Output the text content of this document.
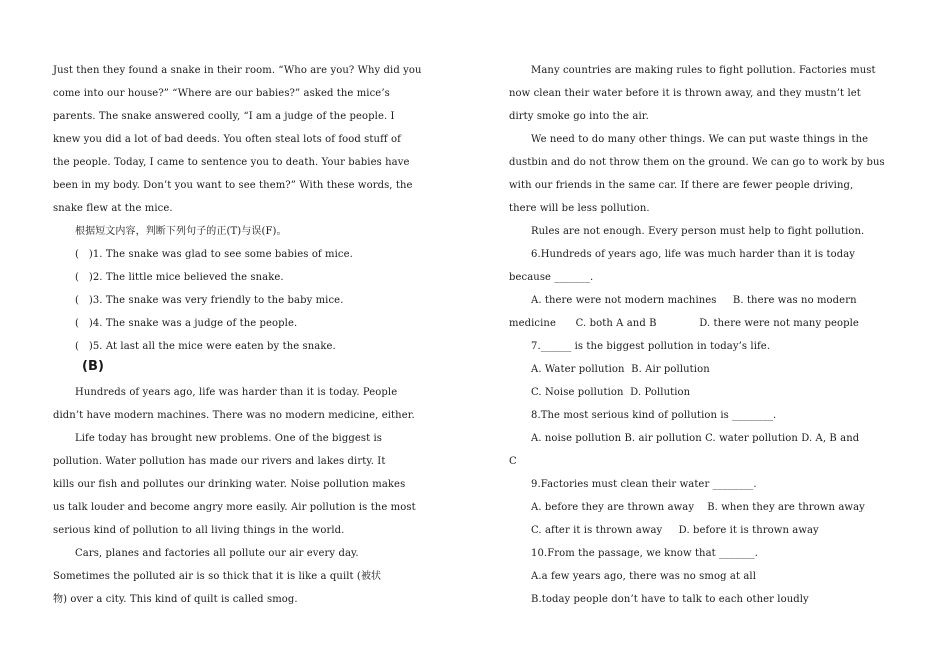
Just then they found a snake in their room. “Who are you? Why did you
come into our house?” “Where are our babies?” asked the mice’s
parents. The snake answered coolly, “I am a judge of the people. I
knew you did a lot of bad deeds. You often steal lots of food stuff of
the people. Today, I came to sentence you to death. Your babies have
been in my body. Don’t you want to see them?” With these words, the
snake flew at the mice.
根据短文内容，判断下列句子的正(T)与误(F)。
(   )1. The snake was glad to see some babies of mice.
(   )2. The little mice believed the snake.
(   )3. The snake was very friendly to the baby mice.
(   )4. The snake was a judge of the people.
(   )5. At last all the mice were eaten by the snake.
(B)
Hundreds of years ago, life was harder than it is today. People
didn’t have modern machines. There was no modern medicine, either.
Life today has brought new problems. One of the biggest is
pollution. Water pollution has made our rivers and lakes dirty. It
kills our fish and pollutes our drinking water. Noise pollution makes
us talk louder and become angry more easily. Air pollution is the most
serious kind of pollution to all living things in the world.
Cars, planes and factories all pollute our air every day.
Sometimes the polluted air is so thick that it is like a quilt (被状
物) over a city. This kind of quilt is called smog.
Many countries are making rules to fight pollution. Factories must
now clean their water before it is thrown away, and they mustn’t let
dirty smoke go into the air.
We need to do many other things. We can put waste things in the
dustbin and do not throw them on the ground. We can go to work by bus
with our friends in the same car. If there are fewer people driving,
there will be less pollution.
Rules are not enough. Every person must help to fight pollution.
6.Hundreds of years ago, life was much harder than it is today
because _______.
A. there were not modern machines     B. there was no modern
medicine      C. both A and B             D. there were not many people
7.______ is the biggest pollution in today’s life.
A. Water pollution  B. Air pollution
C. Noise pollution  D. Pollution
8.The most serious kind of pollution is ________.
A. noise pollution B. air pollution C. water pollution D. A, B and
C
9.Factories must clean their water ________.
A. before they are thrown away    B. when they are thrown away
C. after it is thrown away     D. before it is thrown away
10.From the passage, we know that _______.
A.a few years ago, there was no smog at all
B.today people don’t have to talk to each other loudly
